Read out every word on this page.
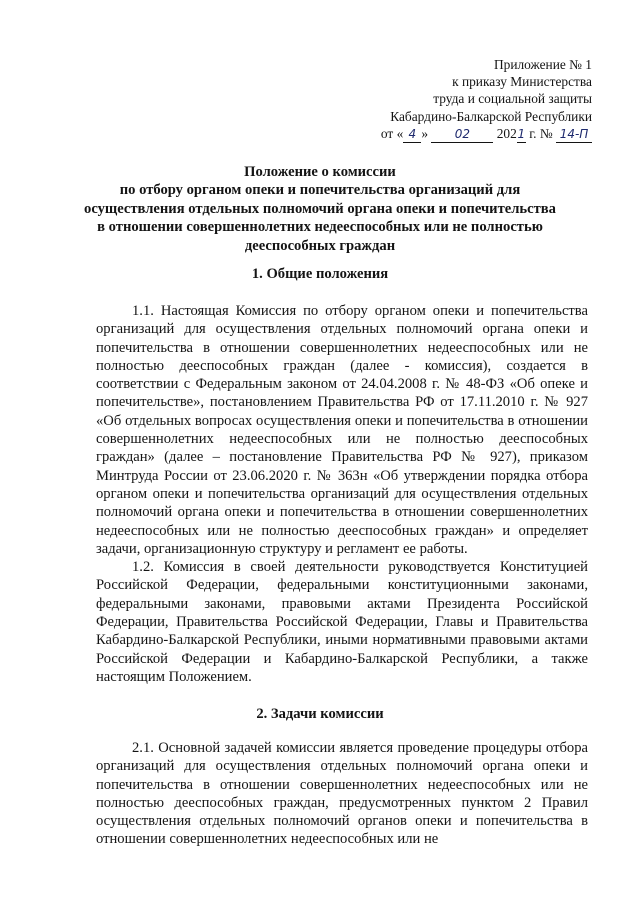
Приложение № 1
к приказу Министерства
труда и социальной защиты
Кабардино-Балкарской Республики
от « 4 » 02 2021 г. № 14-П
Положение о комиссии
по отбору органом опеки и попечительства организаций для
осуществления отдельных полномочий органа опеки и попечительства
в отношении совершеннолетних недееспособных или не полностью
дееспособных граждан
1. Общие положения

1.1. Настоящая Комиссия по отбору органом опеки и попечительства организаций для осуществления отдельных полномочий органа опеки и попечительства в отношении совершеннолетних недееспособных или не полностью дееспособных граждан (далее - комиссия), создается в соответствии с Федеральным законом от 24.04.2008 г. № 48-ФЗ «Об опеке и попечительстве», постановлением Правительства РФ от 17.11.2010 г. № 927 «Об отдельных вопросах осуществления опеки и попечительства в отношении совершеннолетних недееспособных или не полностью дееспособных граждан» (далее – постановление Правительства РФ № 927), приказом Минтруда России от 23.06.2020 г. № 363н «Об утверждении порядка отбора органом опеки и попечительства организаций для осуществления отдельных полномочий органа опеки и попечительства в отношении совершеннолетних недееспособных или не полностью дееспособных граждан» и определяет задачи, организационную структуру и регламент ее работы.

1.2. Комиссия в своей деятельности руководствуется Конституцией Российской Федерации, федеральными конституционными законами, федеральными законами, правовыми актами Президента Российской Федерации, Правительства Российской Федерации, Главы и Правительства Кабардино-Балкарской Республики, иными нормативными правовыми актами Российской Федерации и Кабардино-Балкарской Республики, а также настоящим Положением.

2. Задачи комиссии

2.1. Основной задачей комиссии является проведение процедуры отбора организаций для осуществления отдельных полномочий органа опеки и попечительства в отношении совершеннолетних недееспособных или не полностью дееспособных граждан, предусмотренных пунктом 2 Правил осуществления отдельных полномочий органов опеки и попечительства в отношении совершеннолетних недееспособных или не
